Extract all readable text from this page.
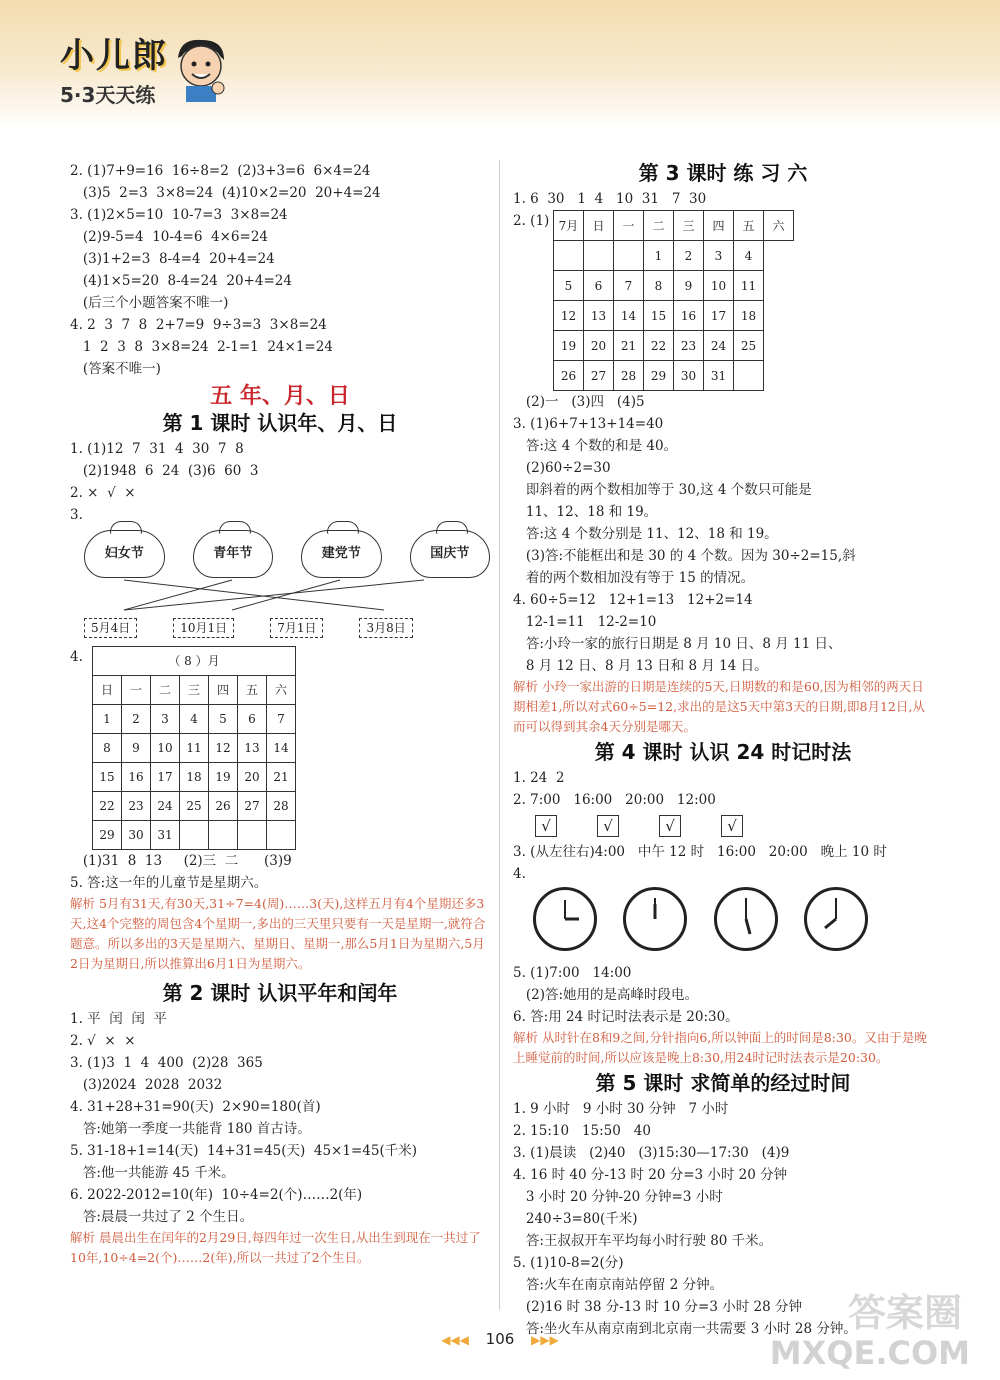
小儿郎
5·3天天练
2. (1)7+9=16  16÷8=2  (2)3+3=6  6×4=24
(3)5  2=3  3×8=24  (4)10×2=20  20+4=24
3. (1)2×5=10  10-7=3  3×8=24
(2)9-5=4  10-4=6  4×6=24
(3)1+2=3  8-4=4  20+4=24
(4)1×5=20  8-4=24  20+4=24
(后三个小题答案不唯一)
4. 2  3  7  8  2+7=9  9÷3=3  3×8=24
1  2  3  8  3×8=24  2-1=1  24×1=24
(答案不唯一)
五 年、月、日
第 1 课时 认识年、月、日
1. (1)12  7  31  4  30  7  8
(2)1948  6  24  (3)6  60  3
2. ×  √  ×
3.
妇女节	青年节	建党节	国庆节
5月4日	10月1日	7月1日	3月8日
4.	（ 8 ）月						
日	一	二	三	四	五	六
1	2	3	4	5	6	7
8	9	10	11	12	13	14
15	16	17	18	19	20	21
22	23	24	25	26	27	28
29	30	31				
(1)31  8  13     (2)三  二      (3)9
5. 答:这一年的儿童节是星期六。
解析 5月有31天,有30天,31÷7=4(周)……3(天),这样五月有4个星期还多3天,这4个完整的周包含4个星期一,多出的三天里只要有一天是星期一,就符合题意。所以多出的3天是星期六、星期日、星期一,那么5月1日为星期六,5月2日为星期日,所以推算出6月1日为星期六。
第 2 课时 认识平年和闰年
1. 平  闰  闰  平
2. √  ×  ×
3. (1)3  1  4  400  (2)28  365
(3)2024  2028  2032
4. 31+28+31=90(天)  2×90=180(首)
答:她第一季度一共能背 180 首古诗。
5. 31-18+1=14(天)  14+31=45(天)  45×1=45(千米)
答:他一共能游 45 千米。
6. 2022-2012=10(年)  10÷4=2(个)……2(年)
答:晨晨一共过了 2 个生日。
解析 晨晨出生在闰年的2月29日,每四年过一次生日,从出生到现在一共过了10年,10÷4=2(个)……2(年),所以一共过了2个生日。
第 3 课时 练 习 六
1. 6  30   1  4   10  31   7  30
2. (1) 7月	日	一	二	三	四	五	六
			1	2	3	4	
5	6	7	8	9	10	11	
12	13	14	15	16	17	18	
19	20	21	22	23	24	25	
26	27	28	29	30	31		
(2)一   (3)四   (4)5
3. (1)6+7+13+14=40
答:这 4 个数的和是 40。
(2)60÷2=30
即斜着的两个数相加等于 30,这 4 个数只可能是
11、12、18 和 19。
答:这 4 个数分别是 11、12、18 和 19。
(3)答:不能框出和是 30 的 4 个数。因为 30÷2=15,斜
着的两个数相加没有等于 15 的情况。
4. 60÷5=12   12+1=13   12+2=14
12-1=11   12-2=10
答:小玲一家的旅行日期是 8 月 10 日、8 月 11 日、
8 月 12 日、8 月 13 日和 8 月 14 日。
解析 小玲一家出游的日期是连续的5天,日期数的和是60,因为相邻的两天日期相差1,所以对式60÷5=12,求出的是这5天中第3天的日期,即8月12日,从而可以得到其余4天分别是哪天。
第 4 课时 认识 24 时记时法
1. 24  2
2. 7:00   16:00   20:00   12:00
√	√	√	√
3. (从左往右)4:00   中午 12 时   16:00   20:00   晚上 10 时
4.

5. (1)7:00   14:00
(2)答:她用的是高峰时段电。
6. 答:用 24 时记时法表示是 20:30。
解析 从时针在8和9之间,分针指向6,所以钟面上的时间是8:30。又由于是晚上睡觉前的时间,所以应该是晚上8:30,用24时记时法表示是20:30。
第 5 课时 求简单的经过时间
1. 9 小时   9 小时 30 分钟   7 小时
2. 15:10   15:50   40
3. (1)晨读   (2)40   (3)15:30—17:30   (4)9
4. 16 时 40 分-13 时 20 分=3 小时 20 分钟
3 小时 20 分钟-20 分钟=3 小时
240÷3=80(千米)
答:王叔叔开车平均每小时行驶 80 千米。
5. (1)10-8=2(分)
答:火车在南京南站停留 2 分钟。
(2)16 时 38 分-13 时 10 分=3 小时 28 分钟
答:坐火车从南京南到北京南一共需要 3 小时 28 分钟。
答案圈
◀◀◀ 106 ▶▶▶	MXQE.COM
